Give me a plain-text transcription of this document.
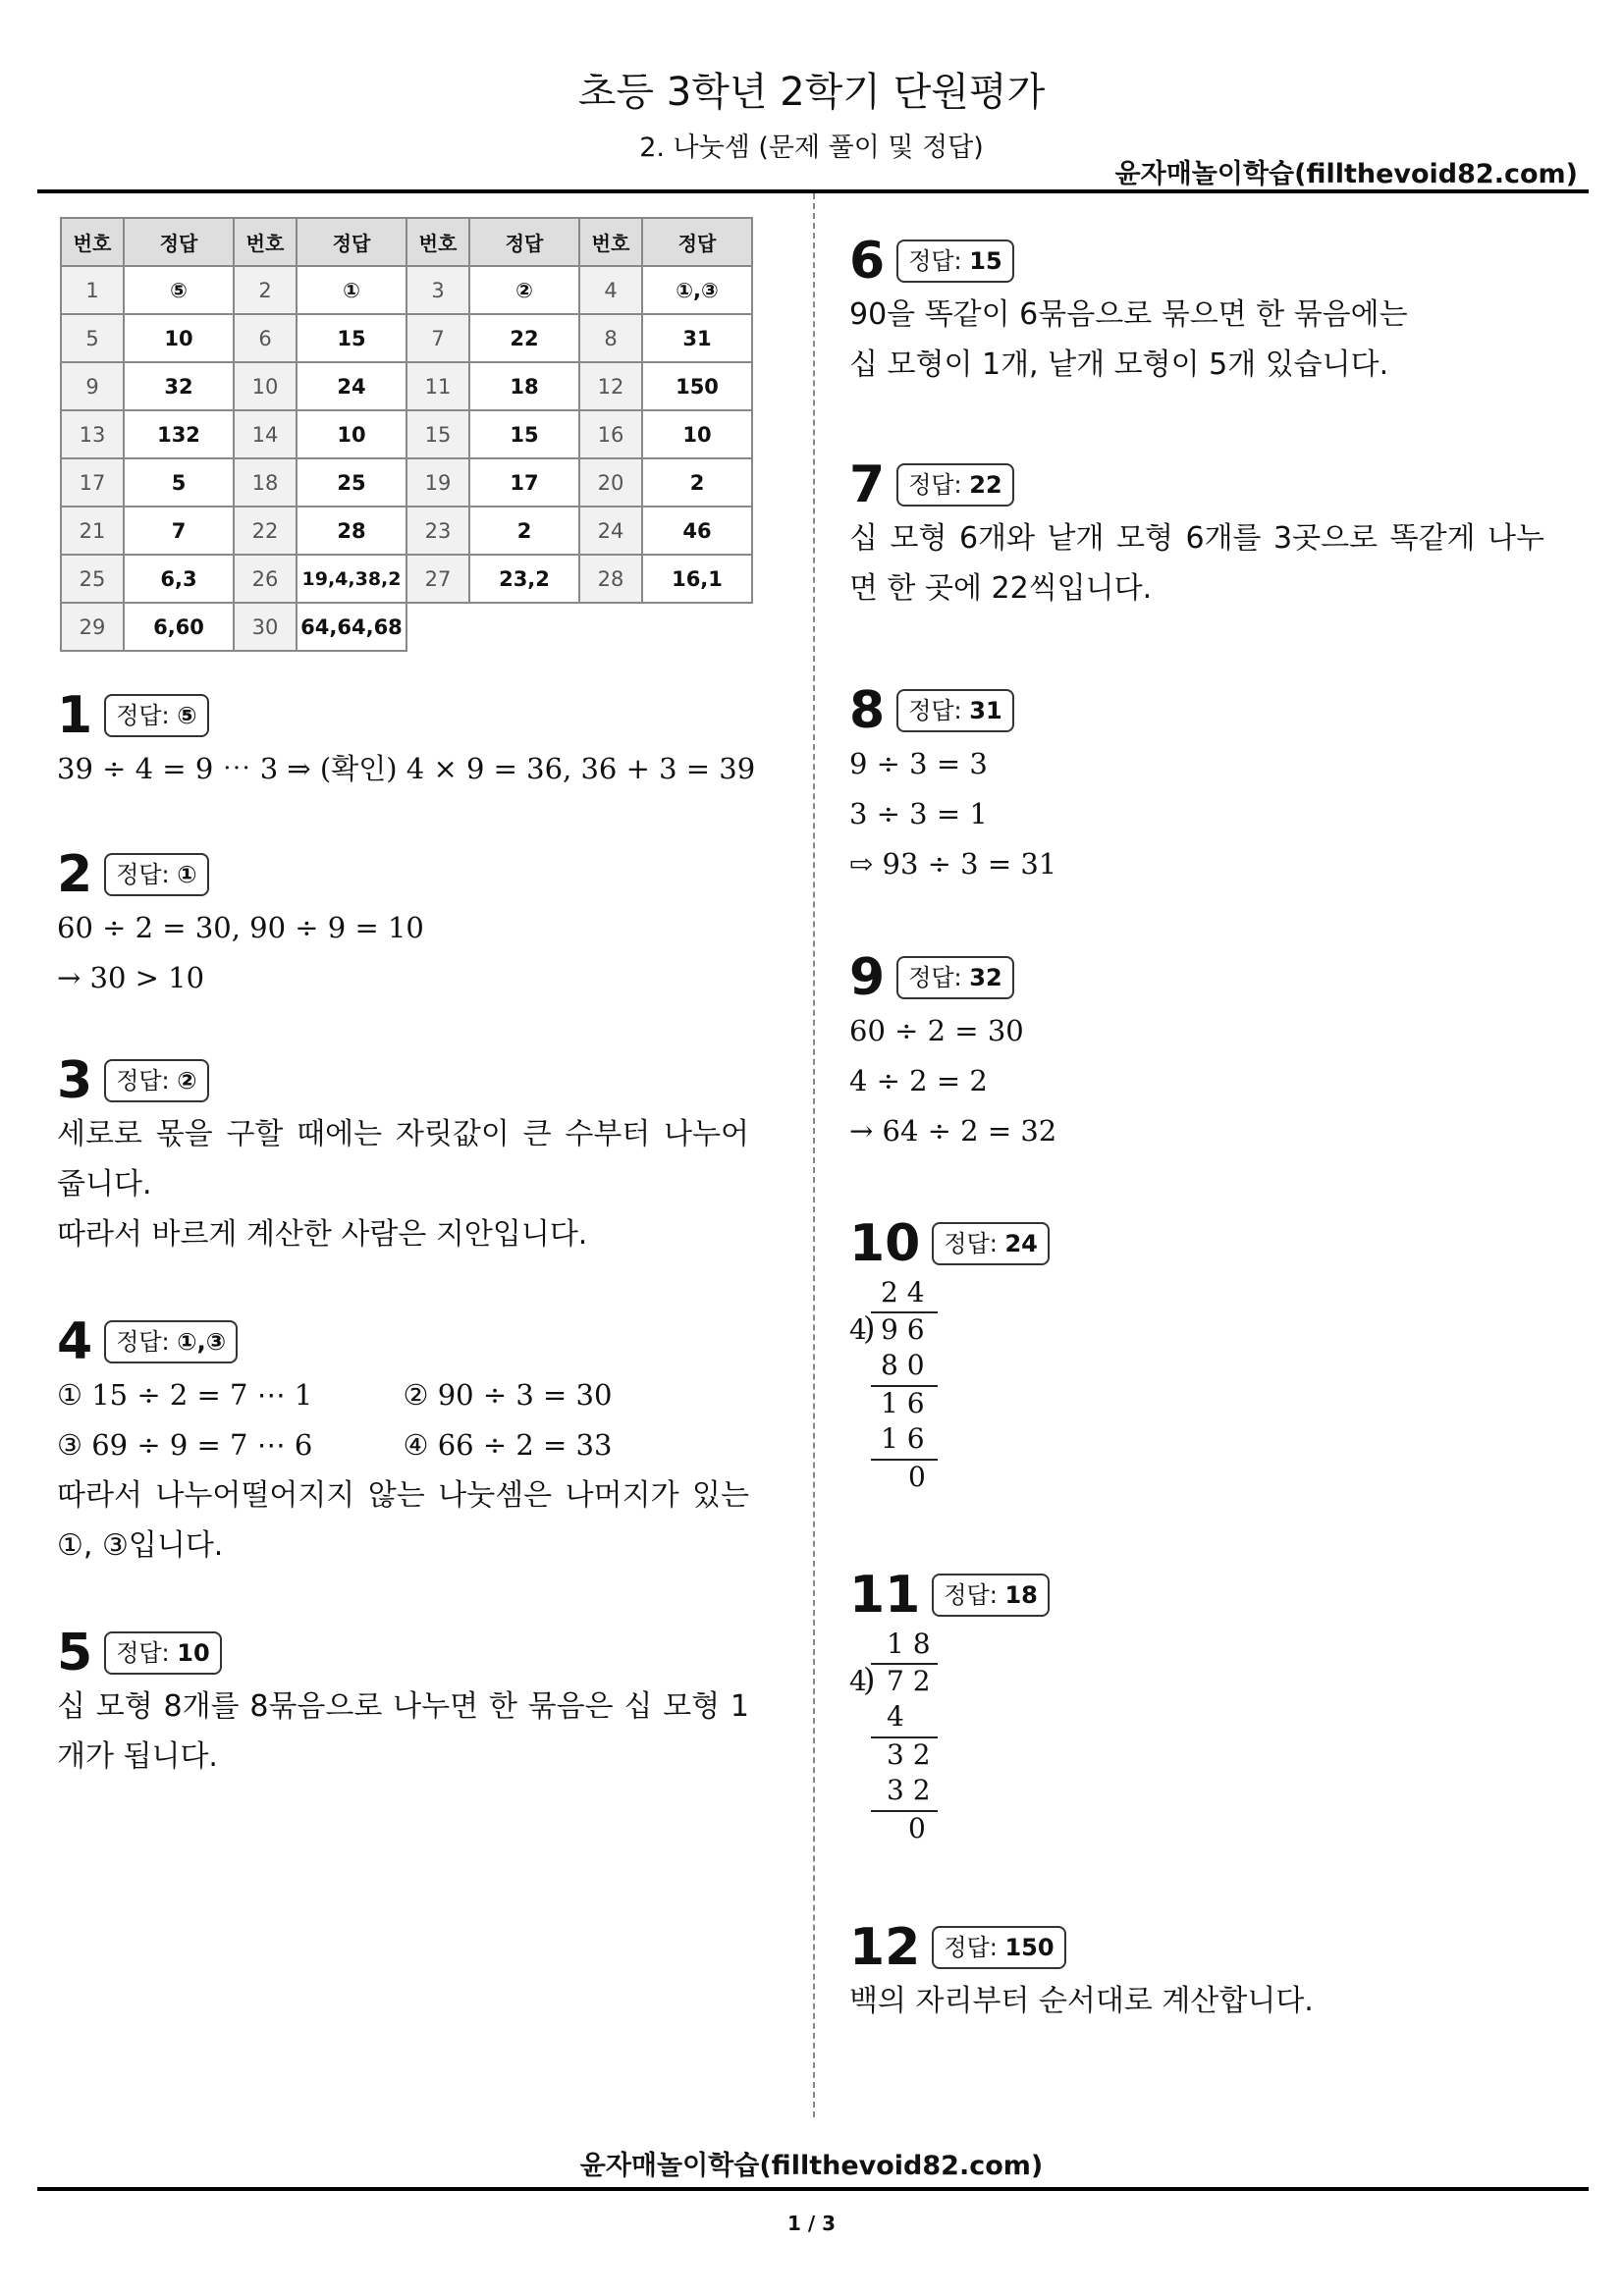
초등 3학년 2학기 단원평가
2. 나눗셈 (문제 풀이 및 정답)
윤자매놀이학습(fillthevoid82.com)
번호	정답	번호	정답	번호	정답	번호	정답
1	⑤	2	①	3	②	4	①,③
5	10	6	15	7	22	8	31
9	32	10	24	11	18	12	150
13	132	14	10	15	15	16	10
17	5	18	25	19	17	20	2
21	7	22	28	23	2	24	46
25	6,3	26	19,4,38,2	27	23,2	28	16,1
29	6,60	30	64,64,68				
1	정답: ⑤
39 ÷ 4 = 9 ⋯ 3 ⇒ (확인) 4 × 9 = 36, 36 + 3 = 39
2	정답: ①
60 ÷ 2 = 30, 90 ÷ 9 = 10
→ 30 > 10
3	정답: ②
세로로 몫을 구할 때에는 자릿값이 큰 수부터 나누어 줍니다.
따라서 바르게 계산한 사람은 지안입니다.
4	정답: ①,③
① 15 ÷ 2 = 7 ⋯ 1	② 90 ÷ 3 = 30
③ 69 ÷ 9 = 7 ⋯ 6	④ 66 ÷ 2 = 33
따라서 나누어떨어지지 않는 나눗셈은 나머지가 있는 ①, ③입니다.
5	정답: 10
십 모형 8개를 8묶음으로 나누면 한 묶음은 십 모형 1개가 됩니다.
6	정답: 15
90을 똑같이 6묶음으로 묶으면 한 묶음에는
십 모형이 1개, 낱개 모형이 5개 있습니다.
7	정답: 22
십 모형 6개와 낱개 모형 6개를 3곳으로 똑같게 나누면 한 곳에 22씩입니다.
8	정답: 31
9 ÷ 3 = 3
3 ÷ 3 = 1
⇨ 93 ÷ 3 = 31
9	정답: 32
60 ÷ 2 = 30
4 ÷ 2 = 2
→ 64 ÷ 2 = 32
10	정답: 24
2 4
4
) 9 6
8 0
1 6
1 6
0
11	정답: 18
1 8
4
) 7 2
4
3 2
3 2
0
12	정답: 150
백의 자리부터 순서대로 계산합니다.
윤자매놀이학습(fillthevoid82.com)
1 / 3
